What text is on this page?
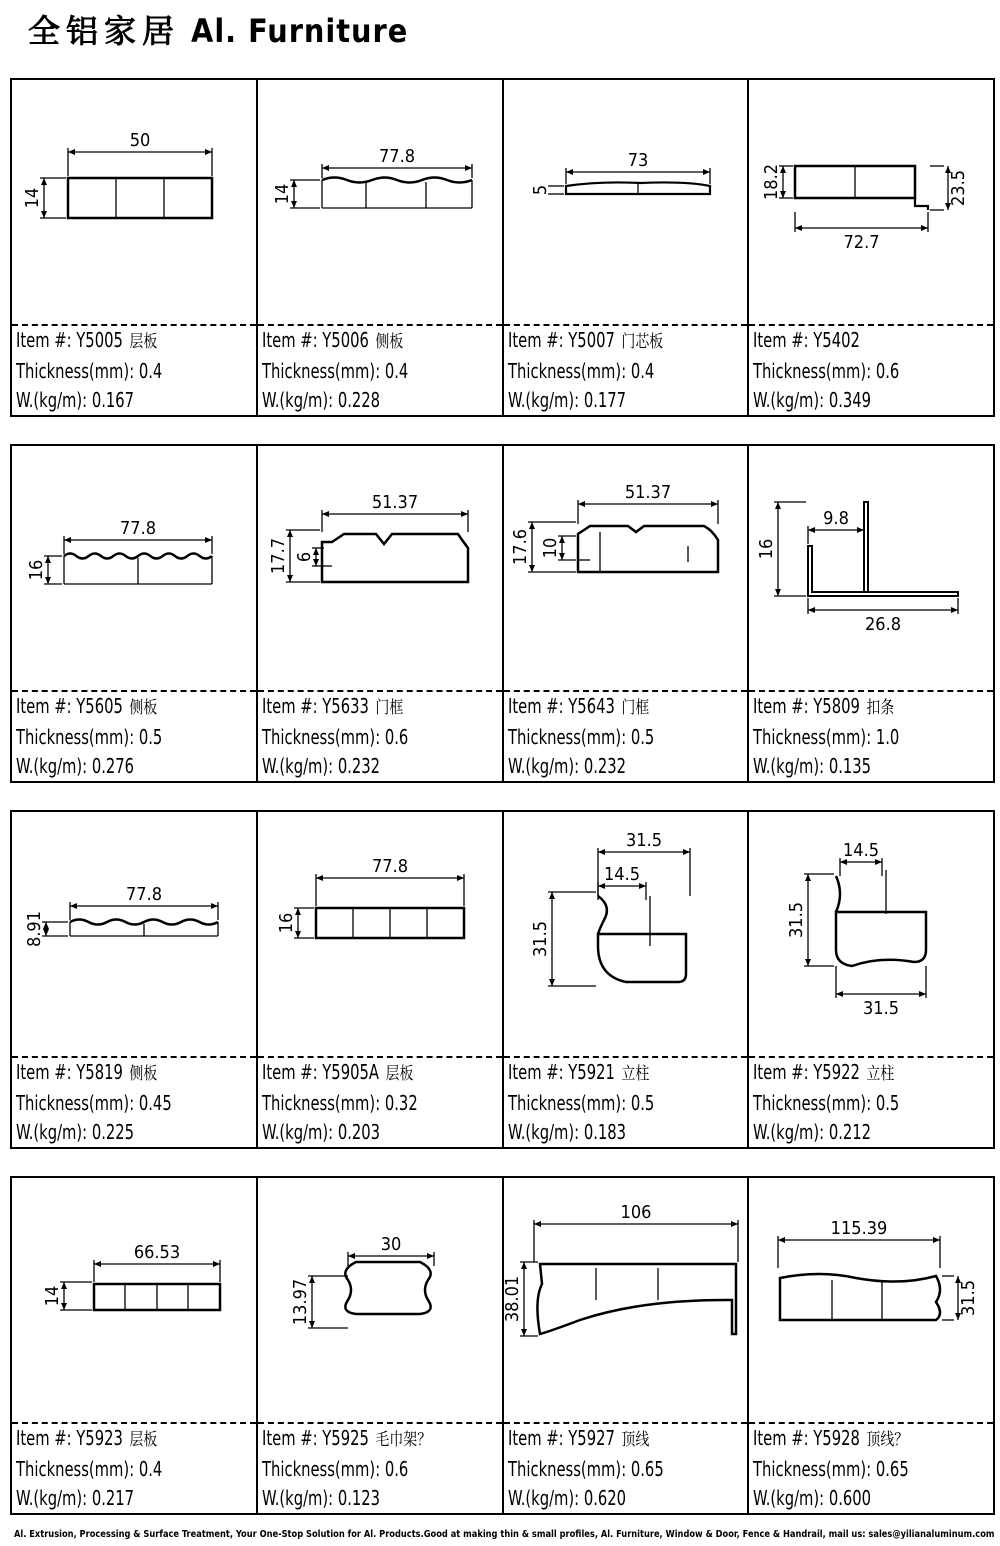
全铝家居 Al. Furniture
Item #: Y5005 层板
Thickness(mm): 0.4
W.(kg/m): 0.167
Item #: Y5006 侧板
Thickness(mm): 0.4
W.(kg/m): 0.228
Item #: Y5007 门芯板
Thickness(mm): 0.4
W.(kg/m): 0.177
Item #: Y5402
Thickness(mm): 0.6
W.(kg/m): 0.349
Item #: Y5605 侧板
Thickness(mm): 0.5
W.(kg/m): 0.276
Item #: Y5633 门框
Thickness(mm): 0.6
W.(kg/m): 0.232
Item #: Y5643 门框
Thickness(mm): 0.5
W.(kg/m): 0.232
Item #: Y5809 扣条
Thickness(mm): 1.0
W.(kg/m): 0.135
Item #: Y5819 侧板
Thickness(mm): 0.45
W.(kg/m): 0.225
Item #: Y5905A 层板
Thickness(mm): 0.32
W.(kg/m): 0.203
Item #: Y5921 立柱
Thickness(mm): 0.5
W.(kg/m): 0.183
Item #: Y5922 立柱
Thickness(mm): 0.5
W.(kg/m): 0.212
Item #: Y5923 层板
Thickness(mm): 0.4
W.(kg/m): 0.217
Item #: Y5925 毛巾架？
Thickness(mm): 0.6
W.(kg/m): 0.123
Item #: Y5927 顶线
Thickness(mm): 0.65
W.(kg/m): 0.620
Item #: Y5928 顶线？
Thickness(mm): 0.65
W.(kg/m): 0.600
Al. Extrusion, Processing & Surface Treatment, Your One-Stop Solution for Al. Products.Good at making thin & small profiles, Al. Furniture, Window & Door, Fence & Handrail, mail us: sales@yilianaluminum.com
50
14
77.8
14
73
5	18.2	23.5
72.7
77.8
16
51.37
17.7 6
51.37
17.6 10
9.8
16
26.8
77.8
8.91
77.8
16
31.5
14.5
31.5
14.5
31.5
31.5
66.53
14
30
13.97
106
38.01
115.39
31.5
